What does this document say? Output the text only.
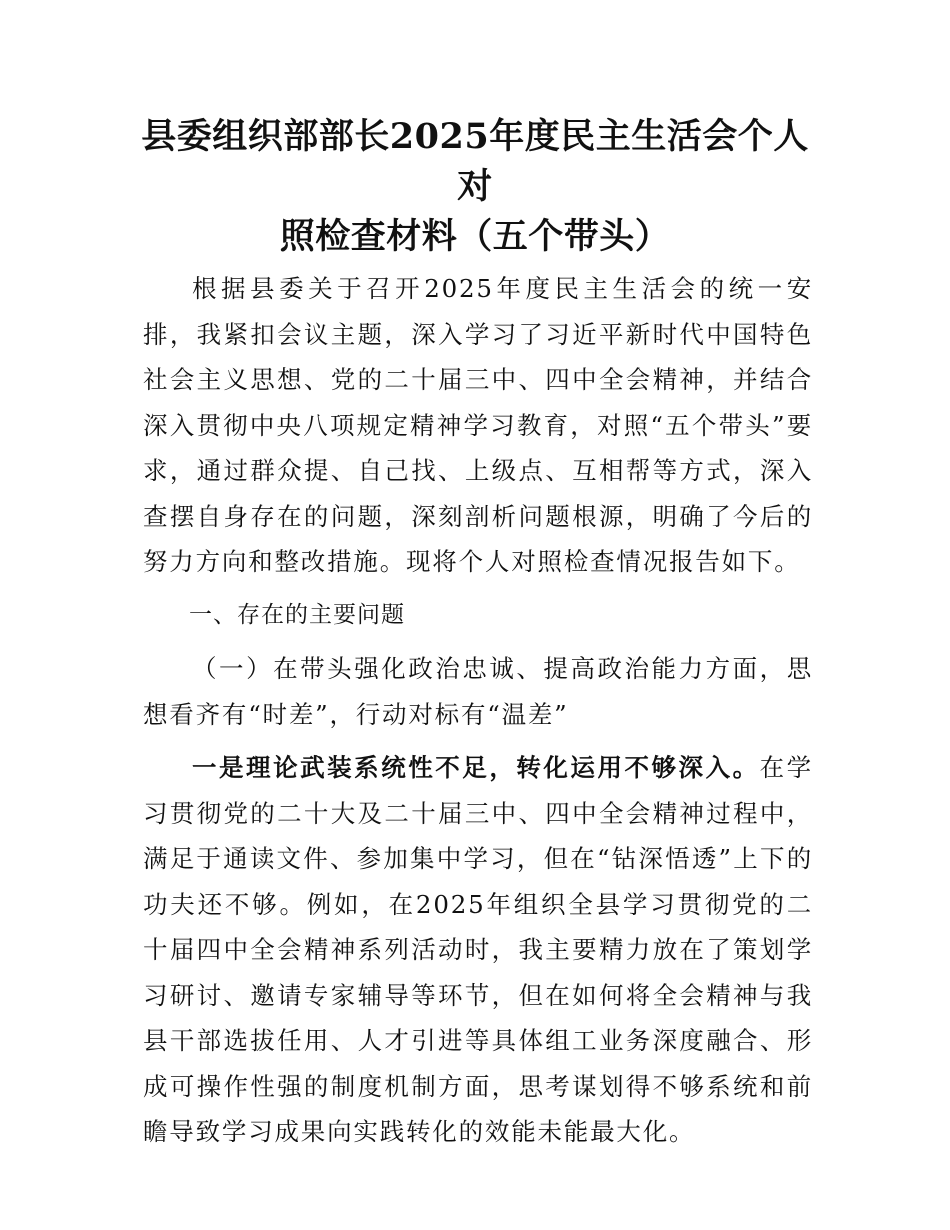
县委组织部部长2025年度民主生活会个人对
照检查材料（五个带头）

根据县委关于召开2025年度民主生活会的统一安排，我紧扣会议主题，深入学习了习近平新时代中国特色社会主义思想、党的二十届三中、四中全会精神，并结合深入贯彻中央八项规定精神学习教育，对照“五个带头”要求，通过群众提、自己找、上级点、互相帮等方式，深入查摆自身存在的问题，深刻剖析问题根源，明确了今后的努力方向和整改措施。现将个人对照检查情况报告如下。

一、存在的主要问题

（一）在带头强化政治忠诚、提高政治能力方面，思想看齐有“时差”，行动对标有“温差”

一是理论武装系统性不足，转化运用不够深入。在学习贯彻党的二十大及二十届三中、四中全会精神过程中，满足于通读文件、参加集中学习，但在“钻深悟透”上下的功夫还不够。例如，在2025年组织全县学习贯彻党的二十届四中全会精神系列活动时，我主要精力放在了策划学习研讨、邀请专家辅导等环节，但在如何将全会精神与我县干部选拔任用、人才引进等具体组工业务深度融合、形成可操作性强的制度机制方面，思考谋划得不够系统和前瞻导致学习成果向实践转化的效能未能最大化。
